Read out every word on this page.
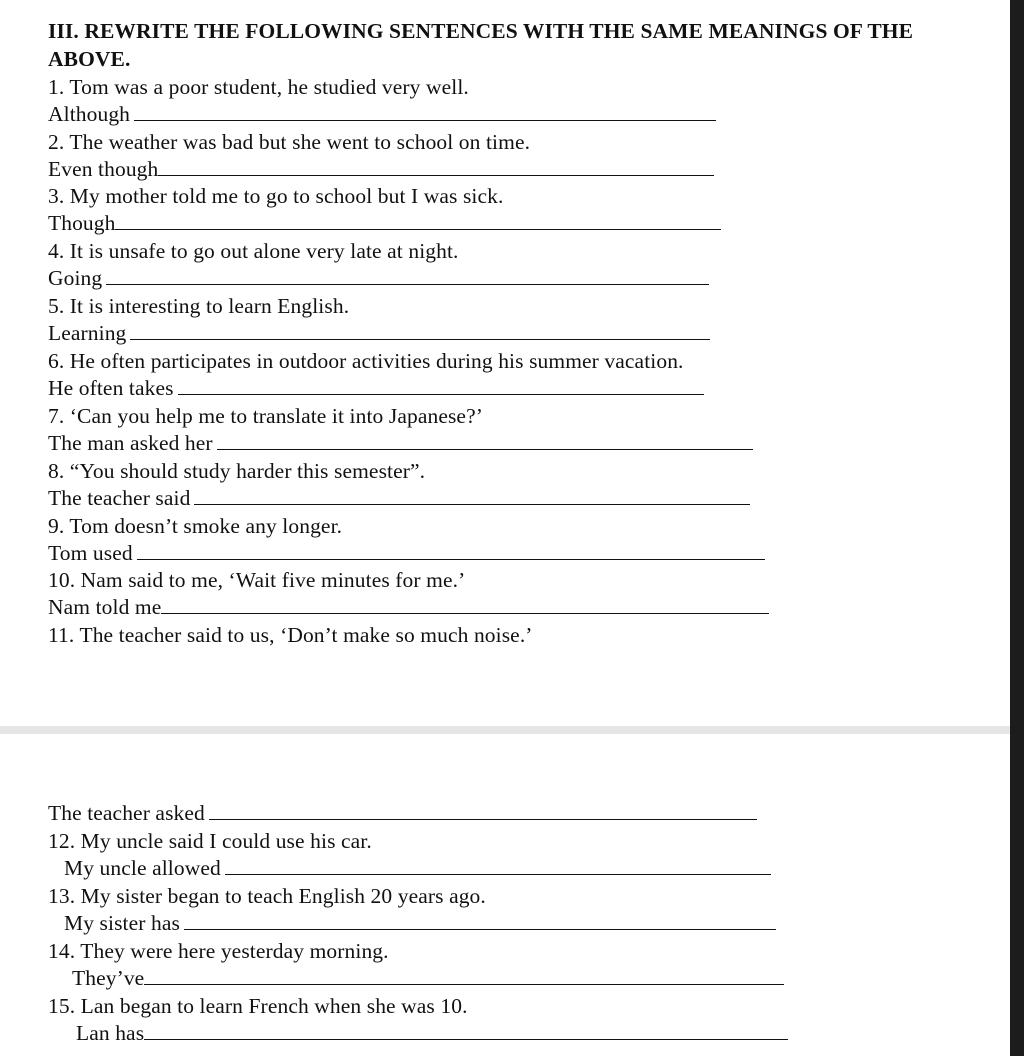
III. REWRITE THE FOLLOWING SENTENCES WITH THE SAME MEANINGS OF THE
ABOVE.
1. Tom was a poor student, he studied very well.
Although
2. The weather was bad but she went to school on time.
Even though
3. My mother told me to go to school but I was sick.
Though
4. It is unsafe to go out alone very late at night.
Going
5. It is interesting to learn English.
Learning
6. He often participates in outdoor activities during his summer vacation.
He often takes
7. ‘Can you help me to translate it into Japanese?’
The man asked her
8. “You should study harder this semester”.
The teacher said
9. Tom doesn’t smoke any longer.
Tom used
10. Nam said to me, ‘Wait five minutes for me.’
Nam told me
11. The teacher said to us, ‘Don’t make so much noise.’
The teacher asked
12. My uncle said I could use his car.
My uncle allowed
13. My sister began to teach English 20 years ago.
My sister has
14. They were here yesterday morning.
They’ve
15. Lan began to learn French when she was 10.
Lan has
